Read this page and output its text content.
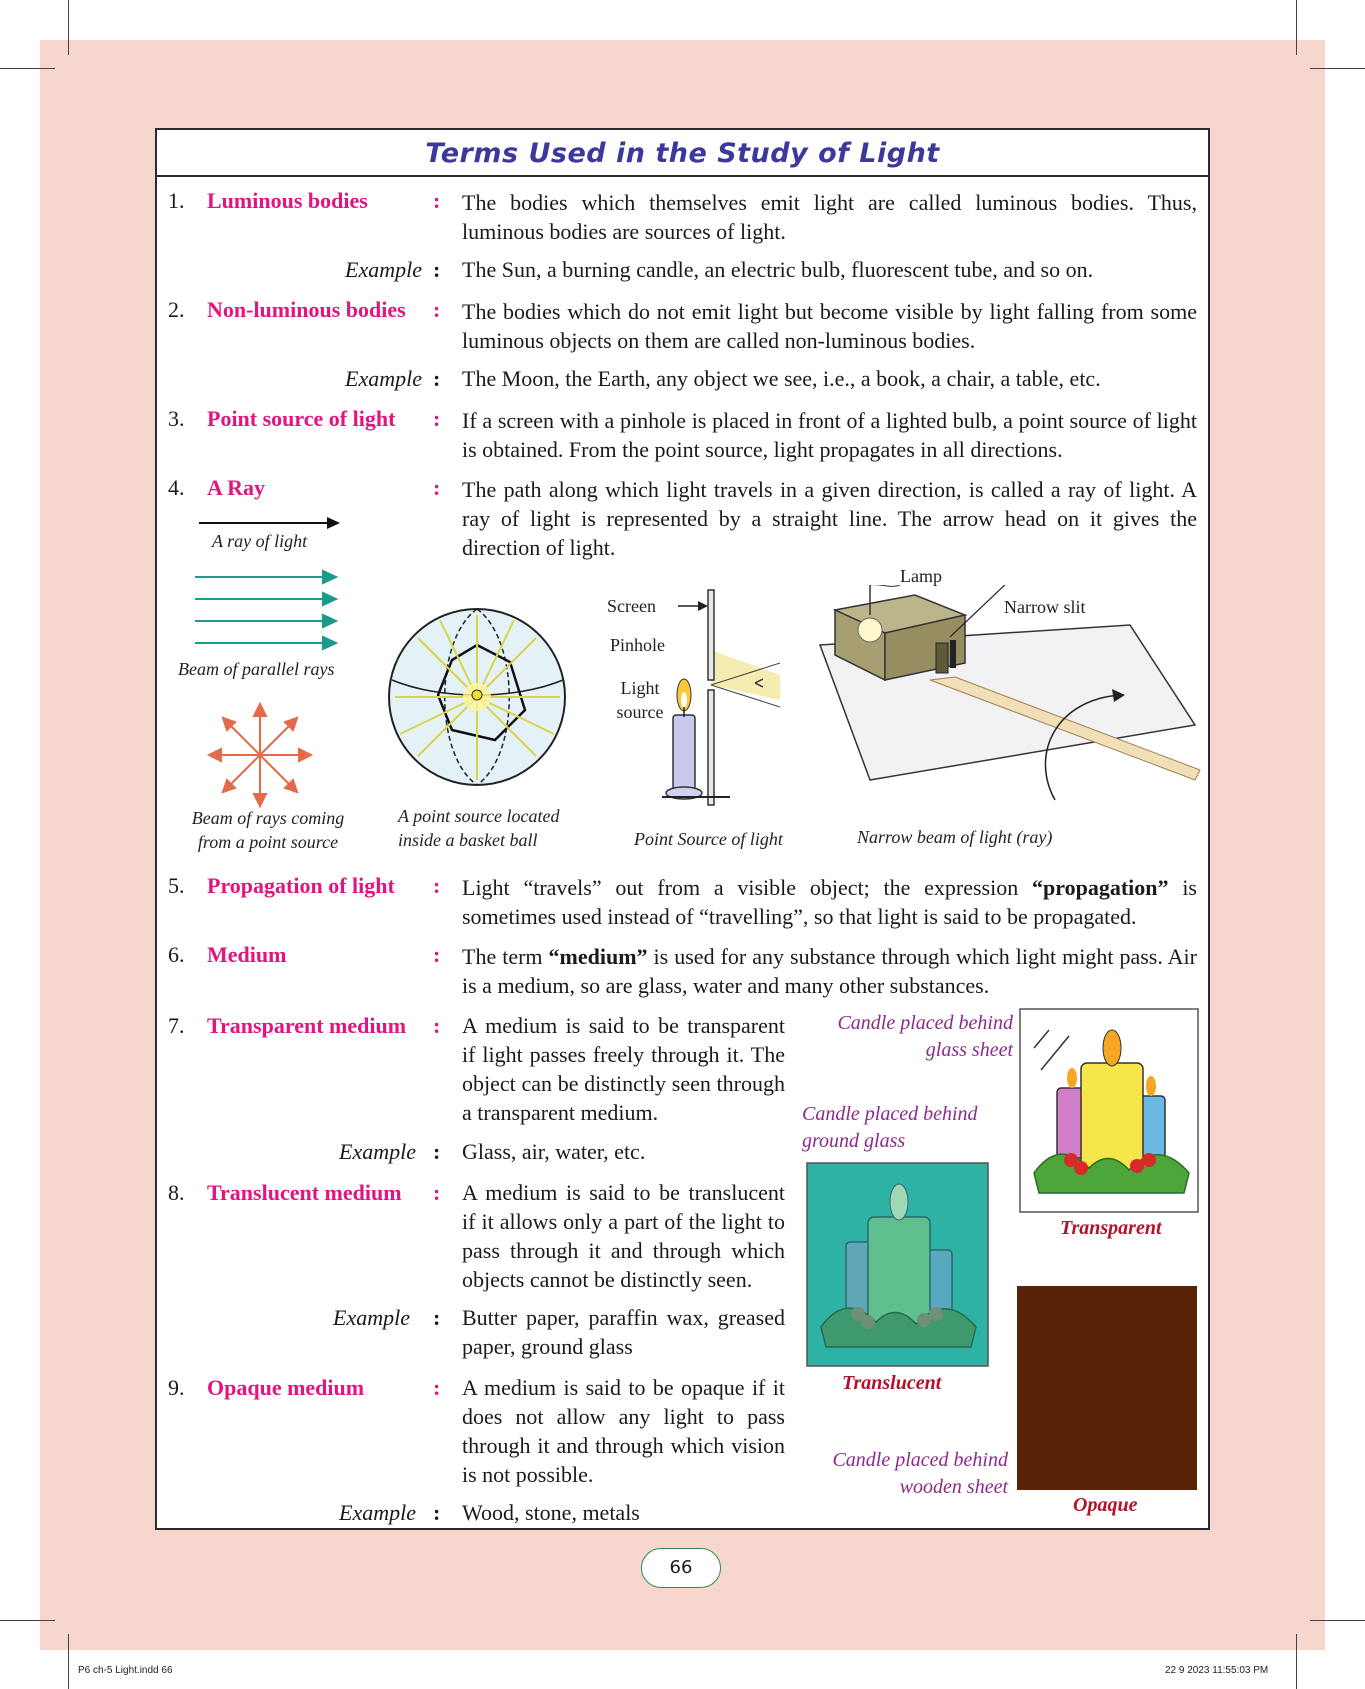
Terms Used in the Study of Light
1. Luminous bodies	: The bodies which themselves emit light are called luminous bodies. Thus, luminous bodies are sources of light.
Example : The Sun, a burning candle, an electric bulb, fluorescent tube, and so on.
2. Non-luminous bodies : The bodies which do not emit light but become visible by light falling from some luminous objects on them are called non-luminous bodies.
Example : The Moon, the Earth, any object we see, i.e., a book, a chair, a table, etc.
3. Point source of light : If a screen with a pinhole is placed in front of a lighted bulb, a point source of light is obtained. From the point source, light propagates in all directions.
4. A Ray	: The path along which light travels in a given direction, is called a ray of light. A ray of light is represented by a straight line. The arrow head on it gives the direction of light.
A ray of light
Beam of parallel rays
Beam of rays coming from a point source
A point source located inside a basket ball
Screen
Pinhole
Light source
Point Source of light
Lamp
Narrow slit
Narrow beam of light (ray)
5. Propagation of light : Light “travels” out from a visible object; the expression “propagation” is sometimes used instead of “travelling”, so that light is said to be propagated.
6. Medium	: The term “medium” is used for any substance through which light might pass. Air is a medium, so are glass, water and many other substances.
7. Transparent medium : A medium is said to be transparent if light passes freely through it. The object can be distinctly seen through a transparent medium.
Example : Glass, air, water, etc.
8. Translucent medium : A medium is said to be translucent if it allows only a part of the light to pass through it and through which objects cannot be distinctly seen.
Example : Butter paper, paraffin wax, greased paper, ground glass
9. Opaque medium	: A medium is said to be opaque if it does not allow any light to pass through it and through which vision is not possible.
Example : Wood, stone, metals
Candle placed behind glass sheet
Candle placed behind ground glass
Candle placed behind wooden sheet
Transparent
Translucent
Opaque
66
P6 ch-5 Light.indd 66	22 9 2023 11:55:03 PM
